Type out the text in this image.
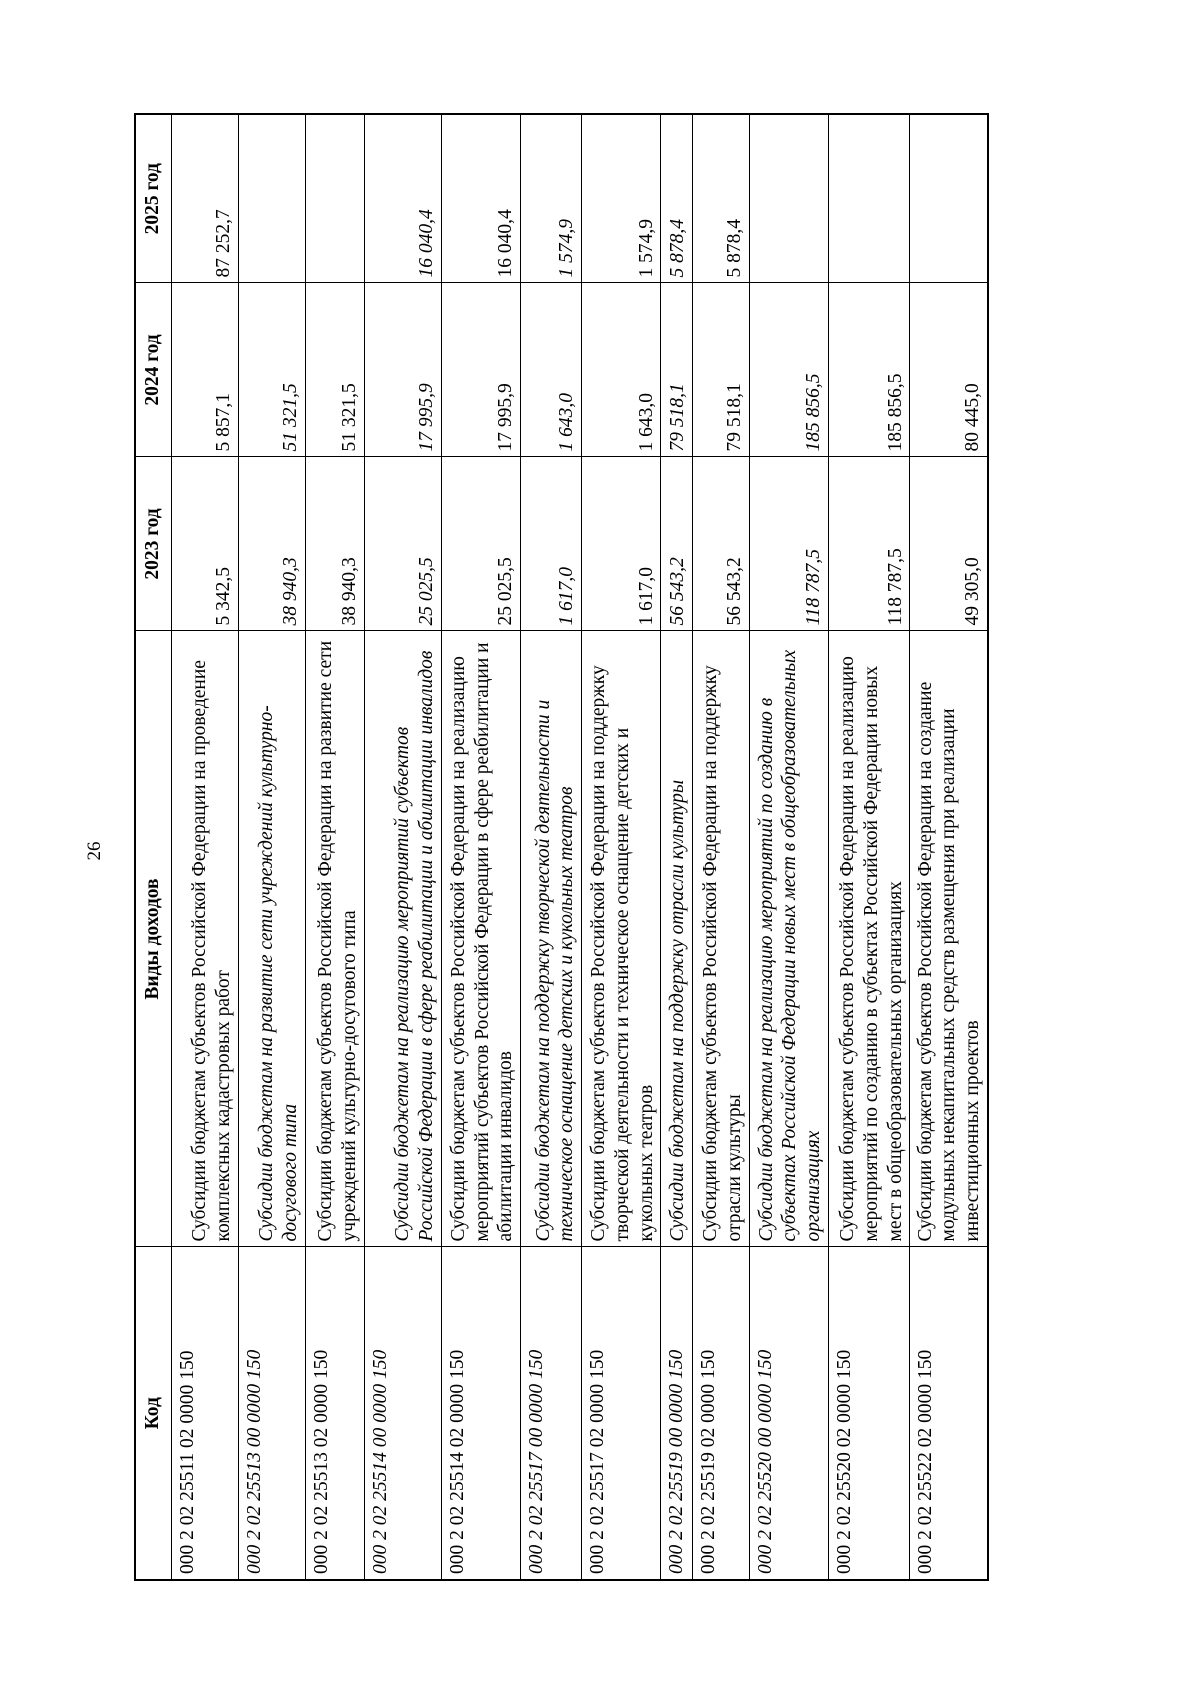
26
Код	Виды доходов	2023 год	2024 год	2025 год
000 2 02 25511 02 0000 150	Субсидии бюджетам субъектов Российской Федерации на проведение комплексных кадастровых работ	5 342,5	5 857,1	87 252,7
000 2 02 25513 00 0000 150	Субсидии бюджетам на развитие сети учреждений культурно-досугового типа	38 940,3	51 321,5	
000 2 02 25513 02 0000 150	Субсидии бюджетам субъектов Российской Федерации на развитие сети учреждений культурно-досугового типа	38 940,3	51 321,5	
000 2 02 25514 00 0000 150	Субсидии бюджетам на реализацию мероприятий субъектов Российской Федерации в сфере реабилитации и абилитации инвалидов	25 025,5	17 995,9	16 040,4
000 2 02 25514 02 0000 150	Субсидии бюджетам субъектов Российской Федерации на реализацию мероприятий субъектов Российской Федерации в сфере реабилитации и абилитации инвалидов	25 025,5	17 995,9	16 040,4
000 2 02 25517 00 0000 150	Субсидии бюджетам на поддержку творческой деятельности и техническое оснащение детских и кукольных театров	1 617,0	1 643,0	1 574,9
000 2 02 25517 02 0000 150	Субсидии бюджетам субъектов Российской Федерации на поддержку творческой деятельности и техническое оснащение детских и кукольных театров	1 617,0	1 643,0	1 574,9
000 2 02 25519 00 0000 150	Субсидии бюджетам на поддержку отрасли культуры	56 543,2	79 518,1	5 878,4
000 2 02 25519 02 0000 150	Субсидии бюджетам субъектов Российской Федерации на поддержку отрасли культуры	56 543,2	79 518,1	5 878,4
000 2 02 25520 00 0000 150	Субсидии бюджетам на реализацию мероприятий по созданию в субъектах Российской Федерации новых мест в общеобразовательных организациях	118 787,5	185 856,5	
000 2 02 25520 02 0000 150	Субсидии бюджетам субъектов Российской Федерации на реализацию мероприятий по созданию в субъектах Российской Федерации новых мест в общеобразовательных организациях	118 787,5	185 856,5	
000 2 02 25522 02 0000 150	Субсидии бюджетам субъектов Российской Федерации на создание модульных некапитальных средств размещения при реализации инвестиционных проектов	49 305,0	80 445,0	
